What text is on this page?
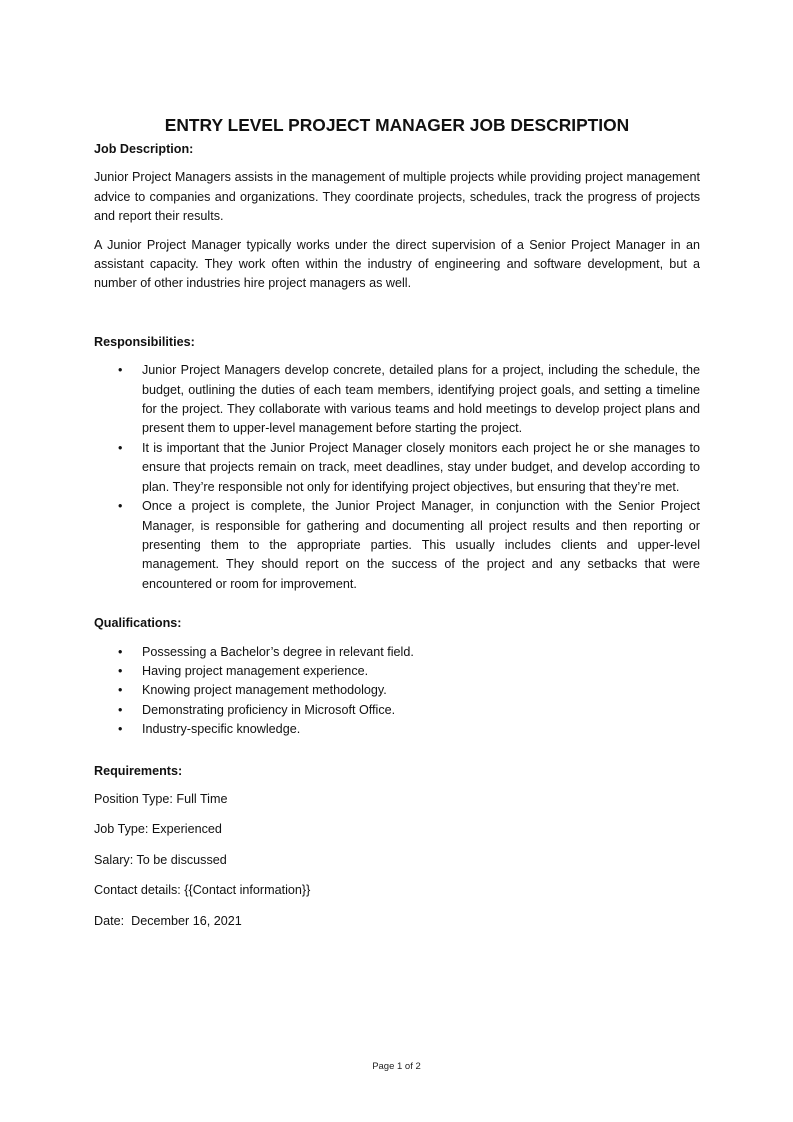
ENTRY LEVEL PROJECT MANAGER JOB DESCRIPTION
Job Description:

Junior Project Managers assists in the management of multiple projects while providing project management advice to companies and organizations. They coordinate projects, schedules, track the progress of projects and report their results.

A Junior Project Manager typically works under the direct supervision of a Senior Project Manager in an assistant capacity. They work often within the industry of engineering and software development, but a number of other industries hire project managers as well.

Responsibilities:
• Junior Project Managers develop concrete, detailed plans for a project, including the schedule, the budget, outlining the duties of each team members, identifying project goals, and setting a timeline for the project. They collaborate with various teams and hold meetings to develop project plans and present them to upper-level management before starting the project.
• It is important that the Junior Project Manager closely monitors each project he or she manages to ensure that projects remain on track, meet deadlines, stay under budget, and develop according to plan. They’re responsible not only for identifying project objectives, but ensuring that they’re met.
• Once a project is complete, the Junior Project Manager, in conjunction with the Senior Project Manager, is responsible for gathering and documenting all project results and then reporting or presenting them to the appropriate parties. This usually includes clients and upper-level management. They should report on the success of the project and any setbacks that were encountered or room for improvement.
Qualifications:
• Possessing a Bachelor’s degree in relevant field.
• Having project management experience.
• Knowing project management methodology.
• Demonstrating proficiency in Microsoft Office.
• Industry-specific knowledge.
Requirements:
Position Type: Full Time
Job Type: Experienced
Salary: To be discussed
Contact details: {{Contact information}}
Date:  December 16, 2021
Page 1 of 2
